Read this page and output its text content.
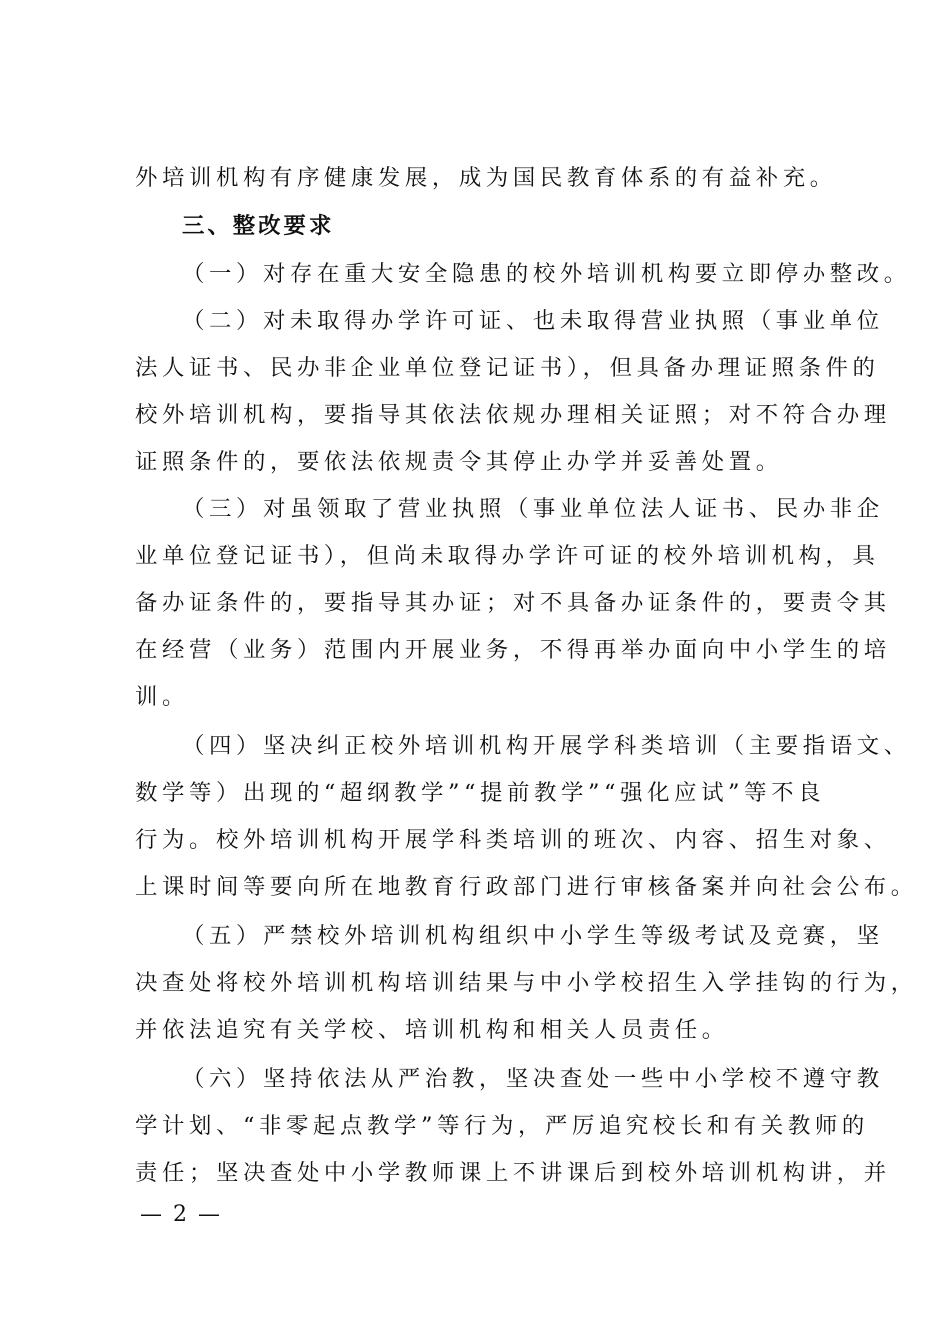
外培训机构有序健康发展，成为国民教育体系的有益补充。
三、整改要求
（一）对存在重大安全隐患的校外培训机构要立即停办整改。
（二）对未取得办学许可证、也未取得营业执照（事业单位
法人证书、民办非企业单位登记证书），但具备办理证照条件的
校外培训机构，要指导其依法依规办理相关证照；对不符合办理
证照条件的，要依法依规责令其停止办学并妥善处置。
（三）对虽领取了营业执照（事业单位法人证书、民办非企
业单位登记证书），但尚未取得办学许可证的校外培训机构，具
备办证条件的，要指导其办证；对不具备办证条件的，要责令其
在经营（业务）范围内开展业务，不得再举办面向中小学生的培
训。
（四）坚决纠正校外培训机构开展学科类培训（主要指语文、
数学等）出现的“超纲教学”“提前教学”“强化应试”等不良
行为。校外培训机构开展学科类培训的班次、内容、招生对象、
上课时间等要向所在地教育行政部门进行审核备案并向社会公布。
（五）严禁校外培训机构组织中小学生等级考试及竞赛，坚
决查处将校外培训机构培训结果与中小学校招生入学挂钩的行为，
并依法追究有关学校、培训机构和相关人员责任。
（六）坚持依法从严治教，坚决查处一些中小学校不遵守教
学计划、“非零起点教学”等行为，严厉追究校长和有关教师的
责任；坚决查处中小学教师课上不讲课后到校外培训机构讲，并
— 2 —
